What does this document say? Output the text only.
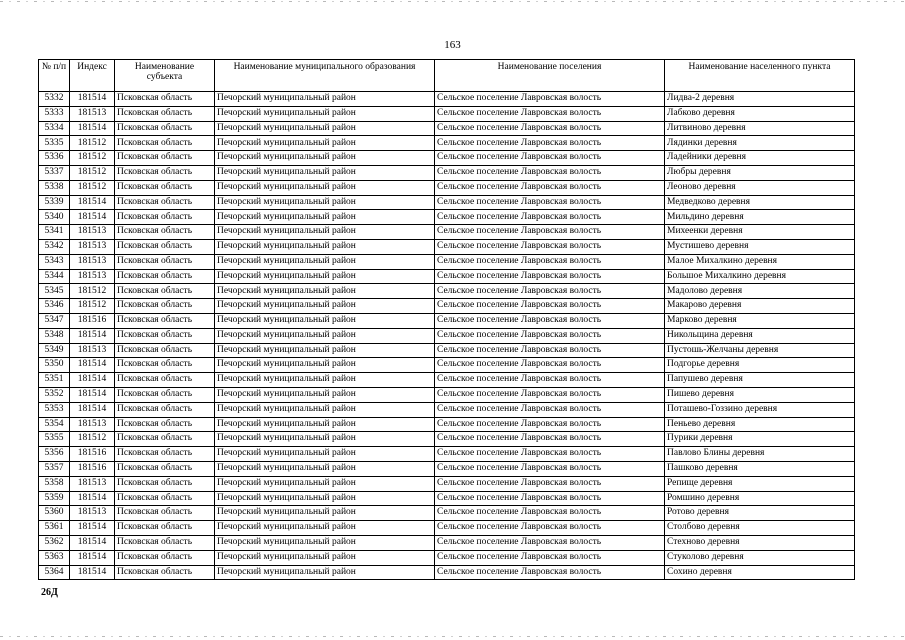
163
№ п/п	Индекс	Наименование субъекта	Наименование муниципального образования	Наименование поселения	Наименование населенного пункта
5332	181514	Псковская область	Печорский муниципальный район	Сельское поселение Лавровская волость	Лидва-2 деревня
5333	181513	Псковская область	Печорский муниципальный район	Сельское поселение Лавровская волость	Лабково деревня
5334	181514	Псковская область	Печорский муниципальный район	Сельское поселение Лавровская волость	Литвиново деревня
5335	181512	Псковская область	Печорский муниципальный район	Сельское поселение Лавровская волость	Лядинки деревня
5336	181512	Псковская область	Печорский муниципальный район	Сельское поселение Лавровская волость	Ладейники деревня
5337	181512	Псковская область	Печорский муниципальный район	Сельское поселение Лавровская волость	Любры деревня
5338	181512	Псковская область	Печорский муниципальный район	Сельское поселение Лавровская волость	Леоново деревня
5339	181514	Псковская область	Печорский муниципальный район	Сельское поселение Лавровская волость	Медведково деревня
5340	181514	Псковская область	Печорский муниципальный район	Сельское поселение Лавровская волость	Мильдино деревня
5341	181513	Псковская область	Печорский муниципальный район	Сельское поселение Лавровская волость	Михеенки деревня
5342	181513	Псковская область	Печорский муниципальный район	Сельское поселение Лавровская волость	Мустишево деревня
5343	181513	Псковская область	Печорский муниципальный район	Сельское поселение Лавровская волость	Малое Михалкино деревня
5344	181513	Псковская область	Печорский муниципальный район	Сельское поселение Лавровская волость	Большое Михалкино деревня
5345	181512	Псковская область	Печорский муниципальный район	Сельское поселение Лавровская волость	Мадолово деревня
5346	181512	Псковская область	Печорский муниципальный район	Сельское поселение Лавровская волость	Макарово деревня
5347	181516	Псковская область	Печорский муниципальный район	Сельское поселение Лавровская волость	Марково деревня
5348	181514	Псковская область	Печорский муниципальный район	Сельское поселение Лавровская волость	Никольщина деревня
5349	181513	Псковская область	Печорский муниципальный район	Сельское поселение Лавровская волость	Пустошь-Желчаны деревня
5350	181514	Псковская область	Печорский муниципальный район	Сельское поселение Лавровская волость	Подгорье деревня
5351	181514	Псковская область	Печорский муниципальный район	Сельское поселение Лавровская волость	Папушево деревня
5352	181514	Псковская область	Печорский муниципальный район	Сельское поселение Лавровская волость	Пишево деревня
5353	181514	Псковская область	Печорский муниципальный район	Сельское поселение Лавровская волость	Поташево-Гоззино деревня
5354	181513	Псковская область	Печорский муниципальный район	Сельское поселение Лавровская волость	Пеньево деревня
5355	181512	Псковская область	Печорский муниципальный район	Сельское поселение Лавровская волость	Пурики деревня
5356	181516	Псковская область	Печорский муниципальный район	Сельское поселение Лавровская волость	Павлово Блины деревня
5357	181516	Псковская область	Печорский муниципальный район	Сельское поселение Лавровская волость	Пашково деревня
5358	181513	Псковская область	Печорский муниципальный район	Сельское поселение Лавровская волость	Репище деревня
5359	181514	Псковская область	Печорский муниципальный район	Сельское поселение Лавровская волость	Ромшино деревня
5360	181513	Псковская область	Печорский муниципальный район	Сельское поселение Лавровская волость	Ротово деревня
5361	181514	Псковская область	Печорский муниципальный район	Сельское поселение Лавровская волость	Столбово деревня
5362	181514	Псковская область	Печорский муниципальный район	Сельское поселение Лавровская волость	Стехново деревня
5363	181514	Псковская область	Печорский муниципальный район	Сельское поселение Лавровская волость	Стуколово деревня
5364	181514	Псковская область	Печорский муниципальный район	Сельское поселение Лавровская волость	Сохино деревня
26Д
